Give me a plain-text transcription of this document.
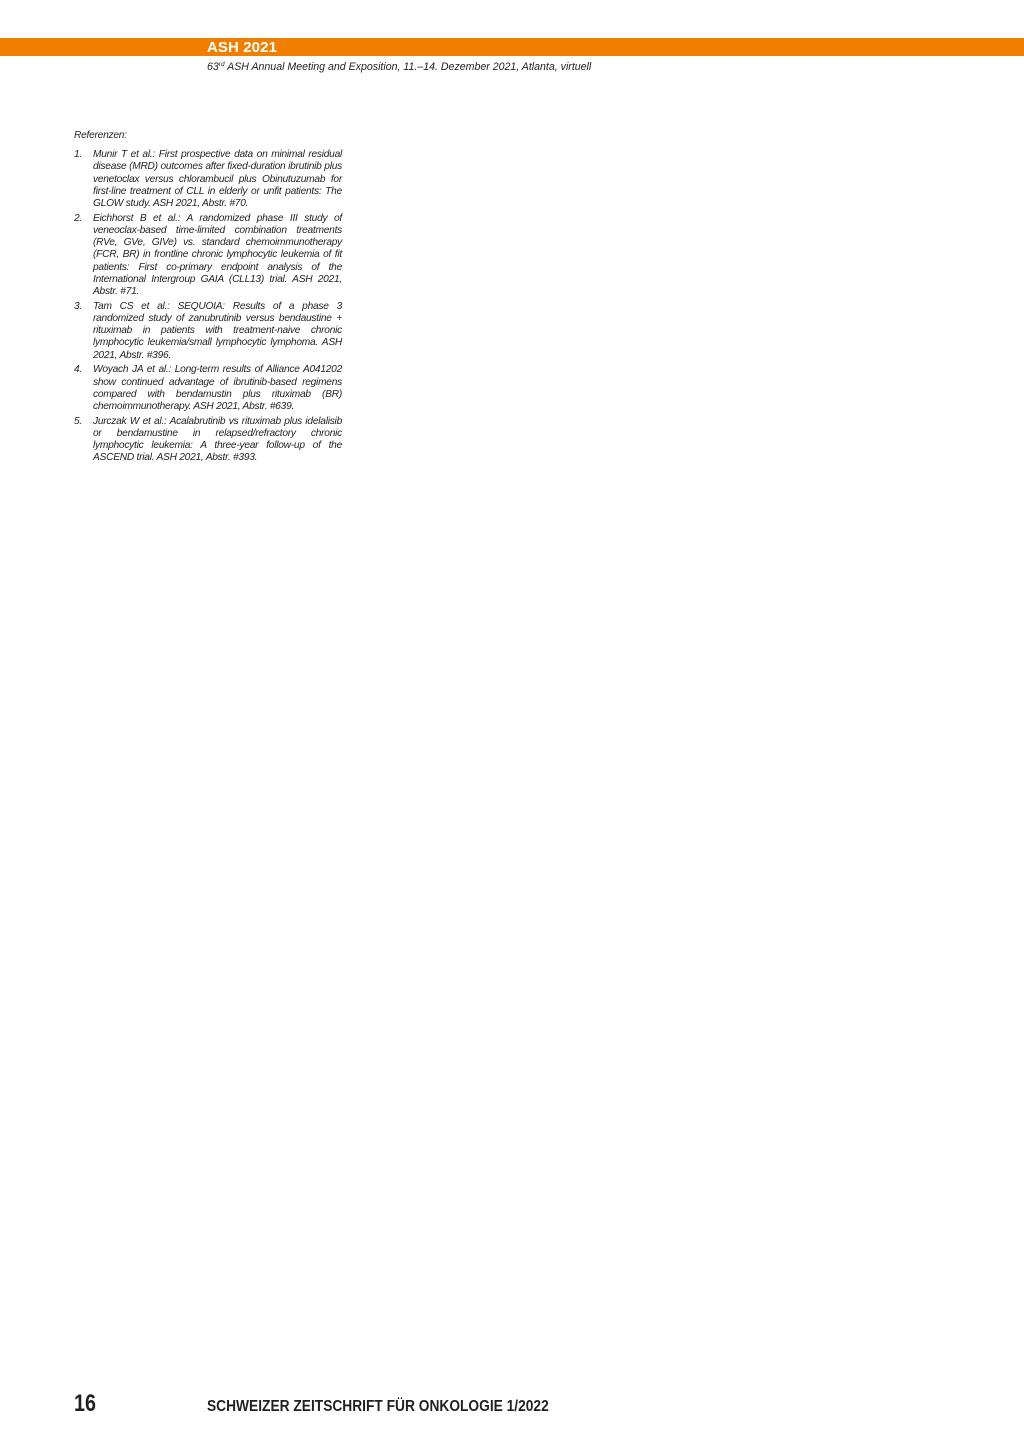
ASH 2021
63rd ASH Annual Meeting and Exposition, 11.–14. Dezember 2021, Atlanta, virtuell
Referenzen:
1. Munir T et al.: First prospective data on minimal residual disease (MRD) outcomes after fixed-duration ibrutinib plus venetoclax versus chlorambucil plus Obinutuzumab for first-line treatment of CLL in elderly or unfit patients: The GLOW study. ASH 2021, Abstr. #70.
2. Eichhorst B et al.: A randomized phase III study of veneoclax-based time-limited combination treatments (RVe, GVe, GIVe) vs. standard chemoimmunotherapy (FCR, BR) in frontline chronic lymphocytic leukemia of fit patients: First co-primary endpoint analysis of the International Intergroup GAIA (CLL13) trial. ASH 2021, Abstr. #71.
3. Tam CS et al.: SEQUOIA: Results of a phase 3 randomized study of zanubrutinib versus bendaustine + rituximab in patients with treatment-naive chronic lymphocytic leukemia/small lymphocytic lymphoma. ASH 2021, Abstr. #396.
4. Woyach JA et al.: Long-term results of Alliance A041202 show continued advantage of ibrutinib-based regimens compared with bendamustin plus rituximab (BR) chemoimmunotherapy. ASH 2021, Abstr. #639.
5. Jurczak W et al.: Acalabrutinib vs rituximab plus idelalisib or bendamustine in relapsed/refractory chronic lymphocytic leukemia: A three-year follow-up of the ASCEND trial. ASH 2021, Abstr. #393.
16	SCHWEIZER ZEITSCHRIFT FÜR ONKOLOGIE 1/2022
